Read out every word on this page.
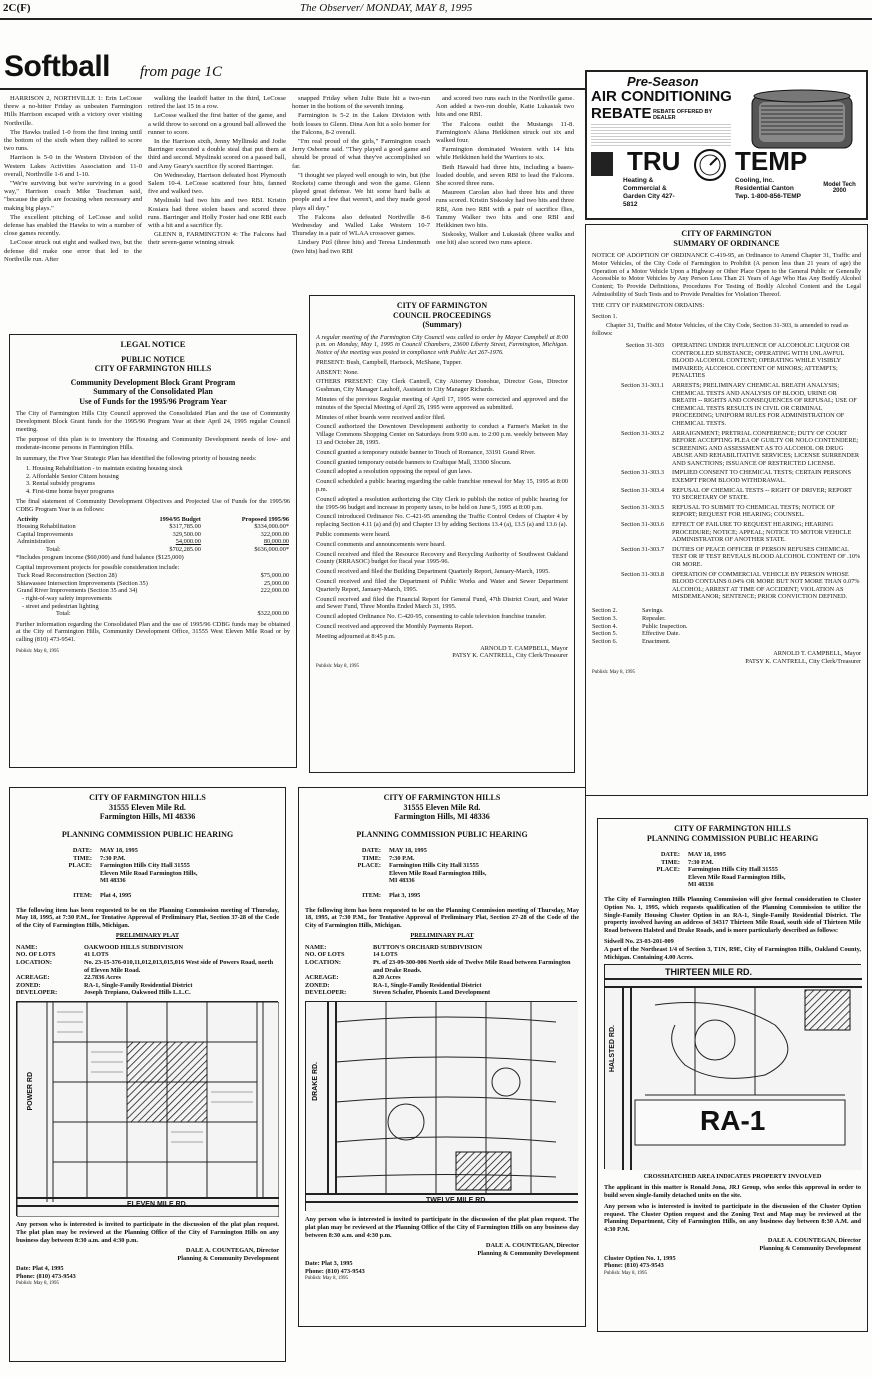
2C(F)	The Observer/ MONDAY, MAY 8, 1995
Softball from page 1C

HARRISON 2, NORTHVILLE 1: Erin LeCosse threw a no-hitter Friday as unbeaten Farmington Hills Harrison escaped with a victory over visiting Northville.

The Hawks trailed 1-0 from the first inning until the bottom of the sixth when they rallied to score two runs.

Harrison is 5-0 in the Western Division of the Western Lakes Activities Association and 11-0 overall, Northville 1-6 and 1-10.

"We're surviving but we're surviving in a good way," Harrison coach Mike Teachman said, "because the girls are focusing when necessary and making big plays."

The excellent pitching of LeCosse and solid defense has enabled the Hawks to win a number of close games recently.

LeCosse struck out eight and walked two, but the defense did make one error that led to the Northville run. After

walking the leadoff batter in the third, LeCosse retired the last 15 in a row.

LeCosse walked the first batter of the game, and a wild throw to second on a ground ball allowed the runner to score.

In the Harrison sixth, Jenny Myllinski and Jodie Barringer executed a double steal that put them at third and second. Myslinski scored on a passed ball, and Amy Geary's sacrifice fly scored Barringer.

On Wednesday, Harrison defeated host Plymouth Salem 10-4. LeCosse scattered four hits, fanned five and walked two.

Myslinski had two hits and two RBI. Kristin Kosiara had three stolen bases and scored three runs. Barringer and Holly Foster had one RBI each with a hit and a sacrifice fly.

GLENN 8, FARMINGTON 4: The Falcons had their seven-game winning streak

snapped Friday when Julie Buie hit a two-run homer in the bottom of the seventh inning.

Farmington is 5-2 in the Lakes Division with both losses to Glenn. Dina Aon hit a solo homer for the Falcons, 8-2 overall.

"I'm real proud of the girls," Farmington coach Jerry Osborne said. "They played a good game and should be proud of what they've accomplished so far.

"I thought we played well enough to win, but (the Rockets) came through and won the game. Glenn played great defense. We hit some hard balls at people and a few that weren't, and they made good plays all day."

The Falcons also defeated Northville 8-6 Wednesday and Walled Lake Western 10-7 Thursday in a pair of WLAA crossover games.

Lindsey Pizl (three hits) and Teresa Lindenmuth (two hits) had two RBI

and scored two runs each in the Northville game. Aon added a two-run double, Katie Lukasiak two hits and one RBI.

The Falcons outhit the Mustangs 11-8. Farmington's Alana Heikkinen struck out six and walked four.

Farmington dominated Western with 14 hits while Heikkinen held the Warriors to six.

Beth Hawald had three hits, including a bases-loaded double, and seven RBI to lead the Falcons. She scored three runs.

Maureen Carolan also had three hits and three runs scored. Kristin Siskosky had two hits and three RBI, Aon two RBI with a pair of sacrifice flies, Tammy Walker two hits and one RBI and Heikkinen two hits.

Siskosky, Walker and Lukasiak (three walks and one hit) also scored two runs apiece.

Pre-Season
AIR CONDITIONING
REBATE REBATE OFFERED BY DEALER
TRU TEMP
Heating & Commercial & Garden City 427-5812
Cooling, Inc. Residential Canton Twp. 1-800-856-TEMP
Model Tech 2000
CITY OF FARMINGTON
SUMMARY OF ORDINANCE
NOTICE OF ADOPTION OF ORDINANCE C-419-95, an Ordinance to Amend Chapter 31, Traffic and Motor Vehicles, of the City Code of Farmington to Prohibit (A person less than 21 years of age) the Operation of a Motor Vehicle Upon a Highway or Other Place Open to the General Public or Generally Accessible to Motor Vehicles by Any Person Less Than 21 Years of Age Who Has Any Bodily Alcohol Content; To Provide Definitions, Procedures For Testing of Bodily Alcohol Content and the Legal Admissibility of Such Tests and to Provide Penalties for Violation Thereof.
THE CITY OF FARMINGTON ORDAINS:
Section 1.
Chapter 31, Traffic and Motor Vehicles, of the City Code, Section 31-303, is amended to read as follows:
Section 31-303	OPERATING UNDER INFLUENCE OF ALCOHOLIC LIQUOR OR CONTROLLED SUBSTANCE; OPERATING WITH UNLAWFUL BLOOD ALCOHOL CONTENT; OPERATING WHILE VISIBLY IMPAIRED; ALCOHOL CONTENT OF MINORS; ATTEMPTS; PENALTIES
Section 31-303.1	ARRESTS; PRELIMINARY CHEMICAL BREATH ANALYSIS; CHEMICAL TESTS AND ANALYSIS OF BLOOD, URINE OR BREATH -- RIGHTS AND CONSEQUENCES OF REFUSAL; USE OF CHEMICAL TESTS RESULTS IN CIVIL OR CRIMINAL PROCEEDING; UNIFORM RULES FOR ADMINISTRATION OF CHEMICAL TESTS.
Section 31-303.2	ARRAIGNMENT; PRETRIAL CONFERENCE; DUTY OF COURT BEFORE ACCEPTING PLEA OF GUILTY OR NOLO CONTENDERE; SCREENING AND ASSESSMENT AS TO ALCOHOL OR DRUG ABUSE AND REHABILITATIVE SERVICES; LICENSE SURRENDER AND SANCTIONS; ISSUANCE OF RESTRICTED LICENSE.
Section 31-303.3	IMPLIED CONSENT TO CHEMICAL TESTS; CERTAIN PERSONS EXEMPT FROM BLOOD WITHDRAWAL.
Section 31-303.4	REFUSAL OF CHEMICAL TESTS -- RIGHT OF DRIVER; REPORT TO SECRETARY OF STATE.
Section 31-303.5	REFUSAL TO SUBMIT TO CHEMICAL TESTS; NOTICE OF REPORT; REQUEST FOR HEARING; COUNSEL.
Section 31-303.6	EFFECT OF FAILURE TO REQUEST HEARING; HEARING PROCEDURE; NOTICE; APPEAL; NOTICE TO MOTOR VEHICLE ADMINISTRATOR OF ANOTHER STATE.
Section 31-303.7	DUTIES OF PEACE OFFICER IF PERSON REFUSES CHEMICAL TEST OR IF TEST REVEALS BLOOD ALCOHOL CONTENT OF .10% OR MORE.
Section 31-303.8	OPERATION OF COMMERCIAL VEHICLE BY PERSON WHOSE BLOOD CONTAINS 0.04% OR MORE BUT NOT MORE THAN 0.07% ALCOHOL; ARREST AT TIME OF ACCIDENT; VIOLATION AS MISDEMEANOR; SENTENCE; PRIOR CONVICTION DEFINED.
Section 2.	Savings.
Section 3.	Repealer.
Section 4.	Public Inspection.
Section 5.	Effective Date.
Section 6.	Enactment.
ARNOLD T. CAMPBELL, Mayor
PATSY K. CANTRELL, City Clerk/Treasurer
Publish: May 8, 1995
LEGAL NOTICE
PUBLIC NOTICE
CITY OF FARMINGTON HILLS
Community Development Block Grant Program
Summary of the Consolidated Plan
Use of Funds for the 1995/96 Program Year
The City of Farmington Hills City Council approved the Consolidated Plan and the use of Community Development Block Grant funds for the 1995/96 Program Year at their April 24, 1995 regular Council meeting.
The purpose of this plan is to inventory the Housing and Community Development needs of low- and moderate-income persons in Farmington Hills.
In summary, the Five Year Strategic Plan has identified the following priority of housing needs:
1. Housing Rehabilitation - to maintain existing housing stock
2. Affordable Senior Citizen housing
3. Rental subsidy programs
4. First-time home buyer programs
The final statement of Community Development Objectives and Projected Use of Funds for the 1995/96 CDBG Program Year is as follows:
Activity	1994/95 Budget	Proposed 1995/96
Housing Rehabilitation	$317,785.00	$334,000.00*
Capital Improvements	329,500.00	322,000.00
Administration	54,000.00	80,000.00
Total:	$702,285.00	$636,000.00*
*Includes program income ($60,000) and fund balance ($125,000)
Capital improvement projects for possible consideration include:
Tuck Road Reconstruction (Section 28)	$75,000.00
Shiawassee Intersection Improvements (Section 35)	25,000.00
Grand River Improvements (Section 35 and 34)	222,000.00
- right-of-way safety improvements	
- street and pedestrian lighting	
Total:	$322,000.00
Further information regarding the Consolidated Plan and the use of 1995/96 CDBG funds may be obtained at the City of Farmington Hills, Community Development Office, 31555 West Eleven Mile Road or by calling (810) 473-9541.
Publish: May 8, 1995
CITY OF FARMINGTON
COUNCIL PROCEEDINGS
(Summary)
A regular meeting of the Farmington City Council was called to order by Mayor Campbell at 8:00 p.m. on Monday, May 1, 1995 in Council Chambers, 23600 Liberty Street, Farmington, Michigan. Notice of the meeting was posted in compliance with Public Act 267-1976.
PRESENT: Bush, Campbell, Hartsock, McShane, Tupper.
ABSENT: None.
OTHERS PRESENT: City Clerk Cantrell, City Attorney Donohue, Director Goss, Director Gushman, City Manager Lauhoff, Assistant to City Manager Richards.
Minutes of the previous Regular meeting of April 17, 1995 were corrected and approved and the minutes of the Special Meeting of April 26, 1995 were approved as submitted.
Minutes of other boards were received and/or filed.
Council authorized the Downtown Development authority to conduct a Farmer's Market in the Village Commons Shopping Center on Saturdays from 9:00 a.m. to 2:00 p.m. weekly between May 13 and October 28, 1995.
Council granted a temporary outside banner to Touch of Romance, 33191 Grand River.
Council granted temporary outside banners to Craftique Mall, 33300 Slocum.
Council adopted a resolution opposing the repeal of gun laws.
Council scheduled a public hearing regarding the cable franchise renewal for May 15, 1995 at 8:00 p.m.
Council adopted a resolution authorizing the City Clerk to publish the notice of public hearing for the 1995-96 budget and increase in property taxes, to be held on June 5, 1995 at 8:00 p.m.
Council introduced Ordinance No. C-421-95 amending the Traffic Control Orders of Chapter 4 by replacing Section 4.11 (a) and (b) and Chapter 13 by adding Sections 13.4 (a), 13.5 (a) and 13.6 (a).
Public comments were heard.
Council comments and announcements were heard.
Council received and filed the Resource Recovery and Recycling Authority of Southwest Oakland County (RRRASOC) budget for fiscal year 1995-96.
Council received and filed the Building Department Quarterly Report, January-March, 1995.
Council received and filed the Department of Public Works and Water and Sewer Department Quarterly Report, January-March, 1995.
Council received and filed the Financial Report for General Fund, 47th District Court, and Water and Sewer Fund, Three Months Ended March 31, 1995.
Council adopted Ordinance No. C-420-95, consenting to cable television franchise transfer.
Council received and approved the Monthly Payments Report.
Meeting adjourned at 8:45 p.m.
ARNOLD T. CAMPBELL, Mayor
PATSY K. CANTRELL, City Clerk/Treasurer
Publish: May 8, 1995
CITY OF FARMINGTON HILLS
31555 Eleven Mile Rd.
Farmington Hills, MI 48336
PLANNING COMMISSION PUBLIC HEARING
DATE:	MAY 18, 1995
TIME:	7:30 P.M.
PLACE:	Farmington Hills City Hall 31555 Eleven Mile Road Farmington Hills, MI 48336
ITEM:	Plat 4, 1995
The following item has been requested to be on the Planning Commission meeting of Thursday, May 18, 1995, at 7:30 P.M., for Tentative Approval of Preliminary Plat, Section 37-28 of the Code of the City of Farmington Hills, Michigan.
PRELIMINARY PLAT
NAME:	OAKWOOD HILLS SUBDIVISION
NO. OF LOTS	41 LOTS
LOCATION:	No. 23-15-376-010,11,012,013,015,016 West side of Powers Road, north of Eleven Mile Road.
ACREAGE:	22.7836 Acres
ZONED:	RA-1, Single-Family Residential District
DEVELOPER:	Joseph Trepiano, Oakwood Hills L.L.C.
ELEVEN MILE RD.
POWER RD
Any person who is interested is invited to participate in the discussion of the plat plan request. The plat plan may be reviewed at the Planning Office of the City of Farmington Hills on any business day between 8:30 a.m. and 4:30 p.m.
DALE A. COUNTEGAN, Director
Planning & Community Development
Date: Plat 4, 1995
Phone: (810) 473-9543
Publish: May 8, 1995
CITY OF FARMINGTON HILLS
31555 Eleven Mile Rd.
Farmington Hills, MI 48336
PLANNING COMMISSION PUBLIC HEARING
DATE:	MAY 18, 1995
TIME:	7:30 P.M.
PLACE:	Farmington Hills City Hall 31555 Eleven Mile Road Farmington Hills, MI 48336
ITEM:	Plat 3, 1995
The following item has been requested to be on the Planning Commission meeting of Thursday, May 18, 1995, at 7:30 P.M., for Tentative Approval of Preliminary Plat, Section 27-28 of the Code of the City of Farmington Hills, Michigan.
PRELIMINARY PLAT
NAME:	BUTTON'S ORCHARD SUBDIVISION
NO. OF LOTS	14 LOTS
LOCATION:	Pt. of 23-09-300-006 North side of Twelve Mile Road between Farmington and Drake Roads.
ACREAGE:	8.20 Acres
ZONED:	RA-1, Single-Family Residential District
DEVELOPER:	Steven Schafer, Phoenix Land Development
TWELVE MILE RD.
DRAKE RD.
Any person who is interested is invited to participate in the discussion of the plat plan request. The plat plan may be reviewed at the Planning Office of the City of Farmington Hills on any business day between 8:30 a.m. and 4:30 p.m.
DALE A. COUNTEGAN, Director
Planning & Community Development
Date: Plat 3, 1995
Phone: (810) 473-9543
Publish: May 8, 1995
CITY OF FARMINGTON HILLS
PLANNING COMMISSION PUBLIC HEARING
DATE:	MAY 18, 1995
TIME:	7:30 P.M.
PLACE:	Farmington Hills City Hall 31555 Eleven Mile Road Farmington Hills, MI 48336
The City of Farmington Hills Planning Commission will give formal consideration to Cluster Option No. 1, 1995, which requests qualification of the Planning Commission to utilize the Single-Family Housing Cluster Option in an RA-1, Single-Family Residential District. The property involved having an address of 34317 Thirteen Mile Road, south side of Thirteen Mile Road between Halsted and Drake Roads, and is more particularly described as follows:
Sidwell No. 23-03-201-009
A part of the Northeast 1/4 of Section 3, T1N, R9E, City of Farmington Hills, Oakland County, Michigan. Containing 4.00 Acres.
THIRTEEN MILE RD.
HALSTED RD.
RA-1
CROSSHATCHED AREA INDICATES PROPERTY INVOLVED
The applicant in this matter is Ronald Jona, JRJ Group, who seeks this approval in order to build seven single-family detached units on the site.
Any person who is interested is invited to participate in the discussion of the Cluster Option request. The Cluster Option request and the Zoning Text and Map may be reviewed at the Planning Department, City of Farmington Hills, on any business day between 8:30 A.M. and 4:30 P.M.
DALE A. COUNTEGAN, Director
Planning & Community Development
Cluster Option No. 1, 1995
Phone: (810) 473-9543
Publish: May 8, 1995
